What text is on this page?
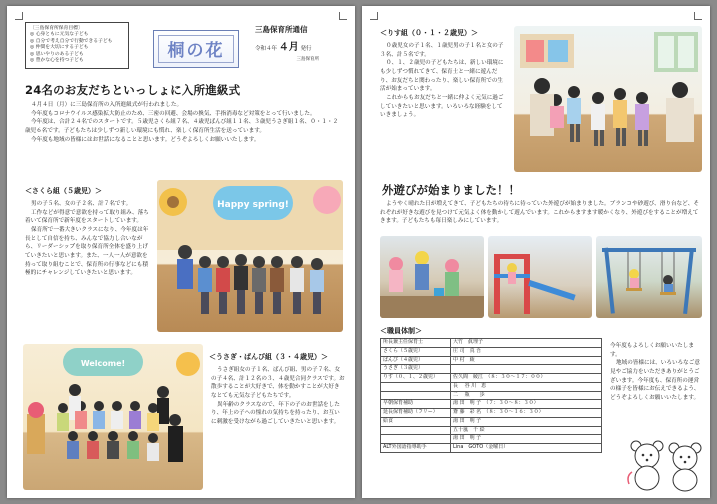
〔三島保育所保育目標〕
◎ 心身ともに元気な子ども
◎ 自分で考え自分で行動できる子ども
◎ 仲間を大切にする子ども
◎ 思いやりのある子ども
◎ 豊かな心を持つ子ども	桐の花
三島保育所通信
令和４年 ４月 発行
三島保育所
24名のお友だちといっしょに入所進級式
４月４日（月）に三島保育所の入所進級式が行われました。
今年度もコロナウイルス感染拡大防止のため、三密の回避、会場の換気、手指消毒など対策をとって行いました。
今年度は、合計２４名でのスタートです。５歳児さくら組７名、４歳児ばんび組１１名、３歳児うさぎ組１名、０・１・２歳児６名です。子どもたちは少しずつ新しい環境にも慣れ、楽しく保育所生活を送っています。
今年度も地域の皆様にはお世話になることと思います。どうぞよろしくお願いいたします。
＜さくら組（５歳児）＞
男の子５名、女の子２名、計７名です。
工作などが得意で意欲を持って取り組み、落ち着いて保育所で新年度をスタートしています。
保育所で一番大きいクラスになり、今年度は年長として自信を持ち、みんなで協力し合いながら、リーダーシップを取り保育所全体を盛り上げていきたいと思います。また、一人一人が意欲を持って取り組むことで、保育所の行事などにも積極的にチャレンジしていきたいと思います。
Happy spring!
Welcome!
＜うさぎ・ばんび組（３・４歳児）＞
うさぎ組女の子１名、ばんび組、男の子７名、女の子４名、計１２名の３、４歳児合同クラスです。お散歩することが大好きで、体を動かすことが大好きなとても元気な子どもたちです。
異年齢のクラスなので、年下の子のお世話をしたり、年上の子への憧れの気持ちを持ったり、お互いに刺激を受けながら過ごしていきたいと思います。
＜りす組（０・１・２歳児）＞
０歳児女の子１名、１歳児男の子１名と女の子３名、計５名です。
０、１、２歳児の子どもたちは、新しい環境にも少しずつ慣れてきて、保育士と一緒に遊んだり、お友だちと関わったり、楽しい保育所での生活が始まっています。
これからもお友だちと一緒に仲よく元気に過ごしていきたいと思います。いろいろな経験をしていきましょう。
外遊びが始まりました！！
ようやく晴れた日が増えてきて、子どもたちの待ちに待っていた外遊びが始まりました。ブランコや砂遊び、滑り台など、それぞれが好きな遊びを見つけて元気よく体を動かして遊んでいます。これからますます暖かくなり、外遊びをすることが増えてきます。子どもたちも毎日楽しみにしています。
＜職員体制＞
所長兼主任保育士	大竹　眞理子
さくら（５歳児）	庄 司　真 吾
ばんび（４歳児）	中 村　綾
うさぎ（３歳児）	
りす（０、１、２歳児）	佐久間　綾江　（８：３０〜１７：００）
	長 　谷 川　恵
	二 　瓶　　歩
早朝保育補助	湯 田　明 子　（７：３０〜８：３０）
延長保育補助（フリー）	齋 藤　彩 名　（８：３０〜１６：３０）
給食	湯 田　明 子
	五十嵐　千 絵
	湯 田　明 子
ALT外国語指導助手	Lina　GOTO（金曜日）
今年度もよろしくお願いいたします。
地域の皆様には、いろいろなご意見やご協力をいただきありがとうございます。今年度も、保育所の運営の様子を皆様にお伝えできるよう、どうぞよろしくお願いいたします。
